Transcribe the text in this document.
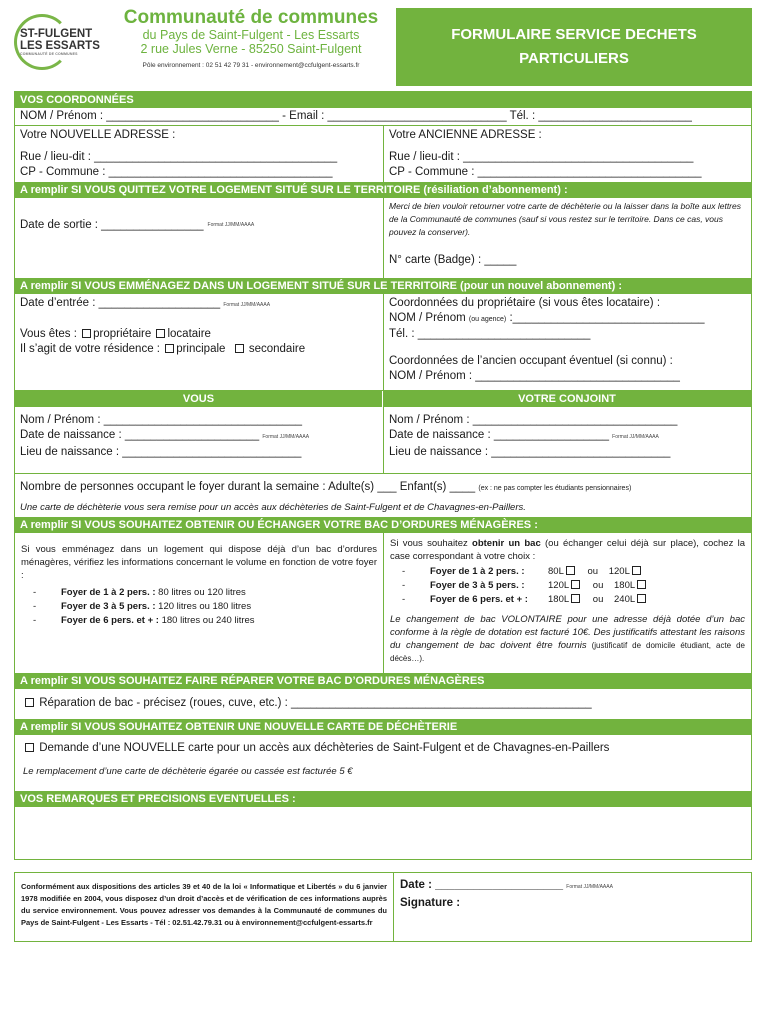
ST-FULGENT
LES ESSARTS
COMMUNAUTÉ DE COMMUNES
Communauté de communes
du Pays de Saint-Fulgent - Les Essarts
2 rue Jules Verne - 85250 Saint-Fulgent
Pôle environnement : 02 51 42 79 31 - environnement@ccfulgent-essarts.fr
FORMULAIRE SERVICE DECHETS PARTICULIERS
VOS COORDONNÉES
NOM / Prénom : ___________________________ - Email : ____________________________ Tél. : ________________________
Votre NOUVELLE ADRESSE :
Rue / lieu-dit : ______________________________________
CP - Commune : ___________________________________
Votre ANCIENNE ADRESSE :
Rue / lieu-dit : ____________________________________
CP - Commune : ___________________________________
A remplir SI VOUS QUITTEZ VOTRE LOGEMENT SITUÉ SUR LE TERRITOIRE (résiliation d’abonnement) :
Date de sortie : ________________ Format JJ/MM/AAAA
Merci de bien vouloir retourner votre carte de déchèterie ou la laisser dans la boîte aux lettres de la Communauté de communes (sauf si vous restez sur le territoire. Dans ce cas, vous pouvez la conserver).
N° carte (Badge) : _____
A remplir SI VOUS EMMÉNAGEZ DANS UN LOGEMENT SITUÉ SUR LE TERRITOIRE (pour un nouvel abonnement) :
Date d’entrée : ___________________ Format JJ/MM/AAAA
Vous êtes : propriétaire locataire
Il s’agit de votre résidence : principale secondaire
Coordonnées du propriétaire (si vous êtes locataire) :
NOM / Prénom (ou agence) :______________________________
Tél. : ___________________________
Coordonnées de l’ancien occupant éventuel (si connu) :
NOM / Prénom : ________________________________
VOUS	VOTRE CONJOINT
Nom / Prénom : _______________________________
Date de naissance : _____________________ Format JJ/MM/AAAA
Lieu de naissance : ____________________________
Nom / Prénom : ________________________________
Date de naissance : __________________ Format JJ/MM/AAAA
Lieu de naissance : ____________________________
Nombre de personnes occupant le foyer durant la semaine : Adulte(s) ___ Enfant(s) ____ (ex : ne pas compter les étudiants pensionnaires)
Une carte de déchèterie vous sera remise pour un accès aux déchèteries de Saint-Fulgent et de Chavagnes-en-Paillers.
A remplir SI VOUS SOUHAITEZ OBTENIR OU ÉCHANGER VOTRE BAC D’ORDURES MÉNAGÈRES :
Si vous emménagez dans un logement qui dispose déjà d’un bac d’ordures ménagères, vérifiez les informations concernant le volume en fonction de votre foyer :
- Foyer de 1 à 2 pers. : 80 litres ou 120 litres
- Foyer de 3 à 5 pers. : 120 litres ou 180 litres
- Foyer de 6 pers. et + : 180 litres ou 240 litres
Si vous souhaitez obtenir un bac (ou échanger celui déjà sur place), cochez la case correspondant à votre choix :
- Foyer de 1 à 2 pers. : 80L ou 120L
- Foyer de 3 à 5 pers. : 120L ou 180L
- Foyer de 6 pers. et + : 180L ou 240L
Le changement de bac VOLONTAIRE pour une adresse déjà dotée d’un bac conforme à la règle de dotation est facturé 10€. Des justificatifs attestant les raisons du changement de bac doivent être fournis (justificatif de domicile étudiant, acte de décès…).
A remplir SI VOUS SOUHAITEZ FAIRE RÉPARER VOTRE BAC D’ORDURES MÉNAGÈRES
Réparation de bac - précisez (roues, cuve, etc.) : _______________________________________________
A remplir SI VOUS SOUHAITEZ OBTENIR UNE NOUVELLE CARTE DE DÉCHÈTERIE
Demande d’une NOUVELLE carte pour un accès aux déchèteries de Saint-Fulgent et de Chavagnes-en-Paillers
Le remplacement d’une carte de déchèterie égarée ou cassée est facturée 5 €
VOS REMARQUES ET PRECISIONS EVENTUELLES :
Conformément aux dispositions des articles 39 et 40 de la loi « Informatique et Libertés » du 6 janvier 1978 modifiée en 2004, vous disposez d’un droit d’accès et de vérification de ces informations auprès du service environnement. Vous pouvez adresser vos demandes à la Communauté de communes du Pays de Saint-Fulgent - Les Essarts - Tél : 02.51.42.79.31 ou à environnement@ccfulgent-essarts.fr
Date : ____________________ Format JJ/MM/AAAA
Signature :
